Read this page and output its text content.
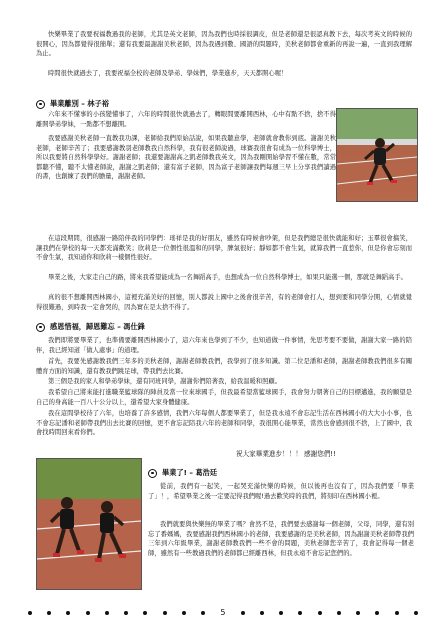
快樂畢業了我要祝福教過我的老師，尤其是英文老師，因為我們也時採很調皮，但是老師還是很認真教下去，每次考英文的時候的很開心，因為都覺得很簡單；還有我要最謝謝美秋老師，因為我遇到數、國語的問題時，美秋老師都會重新的再說一遍，一直到我理解為止。

時間很快就過去了，我要祝福全校的老師及學弟、學妹們，學業進步，天天都開心喔！

畢業離別 – 林子裕

六年來不懂事的小孩變懂事了，六年的時間很快就過去了，轉眼間要離開西林，心中有點不捨，捨不得離開學弟學妹，一點都不想離開。

我要感謝美秋老師一直教我功課，老師給我們原始話說，如果我聽意學，老師就會教你到底。謝謝美秋老師，老師辛苦了；我要感謝教羽老師教我自然科學，我有很老師說過，球賽我很會有成為一位科學博士，所以我要將自然科學學好。謝謝老師；我還要謝謝高之凱老師教我英文，因為我剛開始學習不懂在數，常常都聽不懂，聽不太懂老師說，謝謝之凱老師；還有富子老師，因為富子老師讓我們每週三早上分享我們讀過的書，也創練了我們的膽量，謝謝老師。

在這段期間，很感謝一路陪伴我的同學們：瑤祥是我的好朋友，雖然有時候會吵架，但是我們總是很快就能和好；玉羣很會搞笑，讓我們在學校的每一天都充滿歡笑；欣莉是一位個性很溫和的同學，脾氣很好；靜如都不會生氣，就算我們一直惹你，但是你會忘刻而不會生氣，我知道你和欣莉一樣個性很好。

畢業之後，大家走自己的路，將來我希望能成為一名舞蹈高手，也想成為一位自然科學博士，如果只能選一個，那就是舞蹈高手。

真的很不想離開西林國小，這裡充滿美好的回憶，別人都說上國中之後會很辛苦，有的老師會打人，想到要和同學分開，心情就覺得很難過，到時我一定會哭的，因為實在是太捨不得了。

感恩惜福，歸恩難忘 – 馮仕鋒

我們即將要畢業了，也準備要離開西林國小了，這六年來也學到了不少，也知道做一件事情，先思考要不要做，謝謝大家一路的陪伴，我已經知道「做人處事」的道理。

首先，我要先感謝教我們三年多的美秋老師，謝謝老師教我們，我學到了很多知識。第二位是潘和老師，謝謝老師教我們很多有關體育方面的知識，還有教我們跳足球，帶我們去比賽。

第三個是我的家人和學弟學妹，還有同班同學，謝謝你們陪著我，給我温暖和照顧。

我希望自己將來能打進職業籃球隊的陣員及當一位來球國手，但我最希望當籃球國手，我會努力朝著自己的目標邁進，我的願望是自己的身高能一百八十公分以上，還希望大家身體健康。

我在這間學校待了六年，也培養了許多感情，我們六年每個人都要畢業了，但是我永遠不會忘記生活在西林國小的大大小小事，也不會忘記潘和老師帶我們出去比賽的回憶，更不會忘記陪我六年的老師和同學，我很開心能畢業，當然也會感到很不捨，上了國中，我會找時間回來看你們。

祝大家畢業進步！！！ 感謝您們!!
畢業了! – 葛浩廷

從前，我們有一起笑，一起哭充滿快樂的時候，但以後再也沒有了，因為我們要「畢業了」！，希望畢業之後一定要記得我們喔!過去歡笑時的我們，將刻印在西林國小裡。

我們就要與快樂無的畢業了嗎？會然不是，我們要去感謝每一個老師，父母，同學，還有別忘了番媽媽，我要感謝我們西林國小的老師，我要感謝的是美秋老師，因為謝謝美秋老師帶我們三年到六年級畢業，謝謝老師教我們一些不會的問題，美秋老師您辛苦了，我會記得每一個老師，雖然有一些教過我們的老師都已經離西林，但我永遠不會忘記您們的。

5
